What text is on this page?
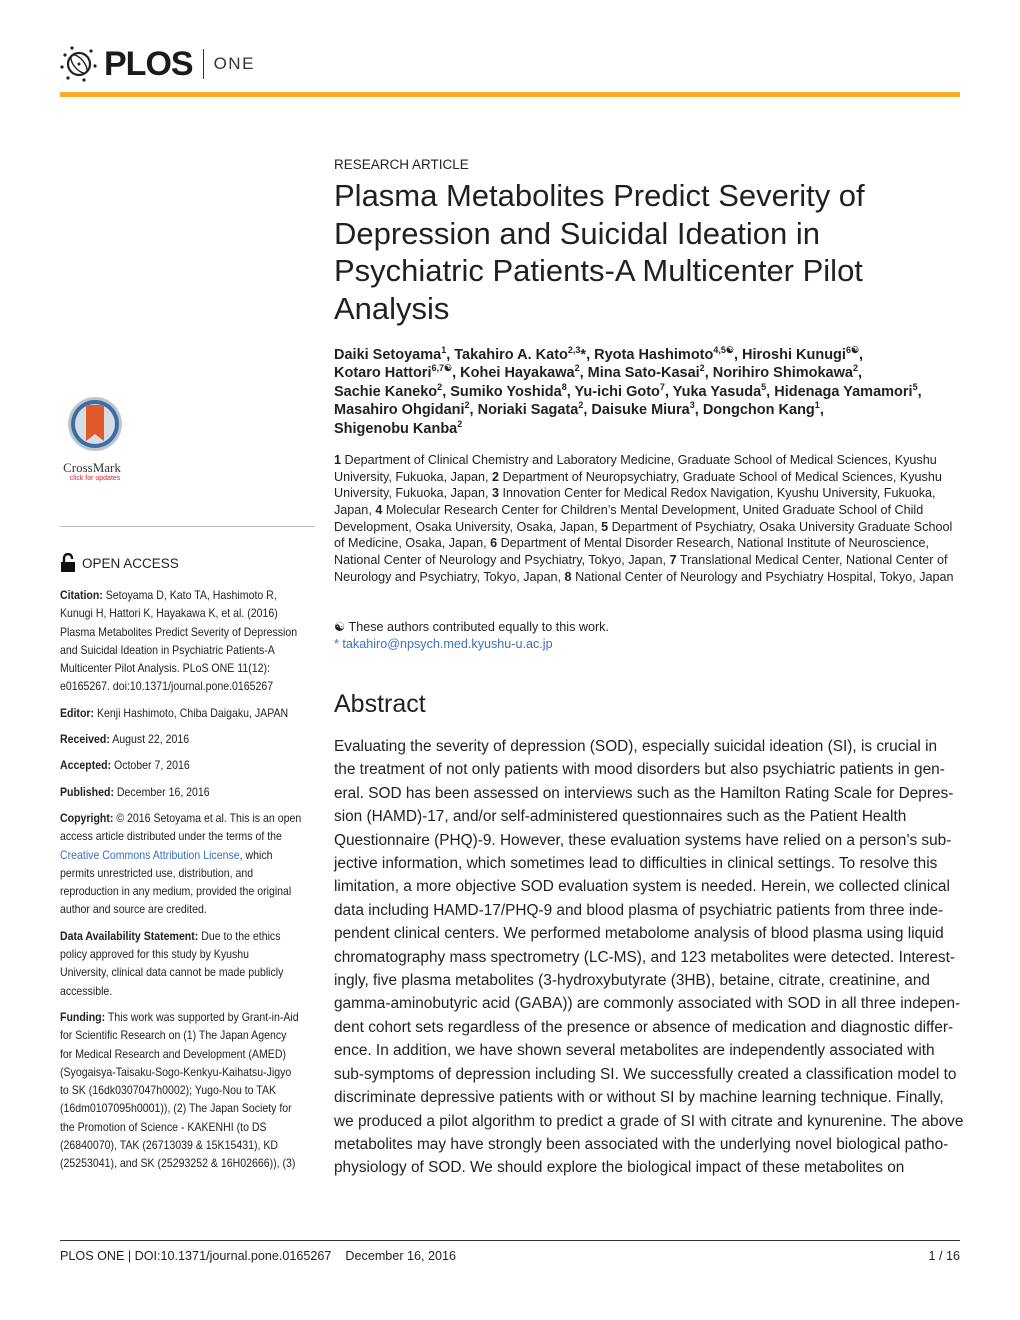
PLOS ONE
RESEARCH ARTICLE
Plasma Metabolites Predict Severity of
Depression and Suicidal Ideation in
Psychiatric Patients-A Multicenter Pilot
Analysis
Daiki Setoyama$^1$, Takahiro A. Kato$^{2,3}$*, Ryota Hashimoto$^{4,5☯}$, Hiroshi Kunugi$^{6☯}$,
Kotaro Hattori$^{6,7☯}$, Kohei Hayakawa$^2$, Mina Sato-Kasai$^2$, Norihiro Shimokawa$^2$,
Sachie Kaneko$^2$, Sumiko Yoshida$^8$, Yu-ichi Goto$^7$, Yuka Yasuda$^5$, Hidenaga Yamamori$^5$,
Masahiro Ohgidani$^2$, Noriaki Sagata$^2$, Daisuke Miura$^3$, Dongchon Kang$^1$,
Shigenobu Kanba$^2$
1 Department of Clinical Chemistry and Laboratory Medicine, Graduate School of Medical Sciences, Kyushu University, Fukuoka, Japan, 2 Department of Neuropsychiatry, Graduate School of Medical Sciences, Kyushu University, Fukuoka, Japan, 3 Innovation Center for Medical Redox Navigation, Kyushu University, Fukuoka, Japan, 4 Molecular Research Center for Children’s Mental Development, United Graduate School of Child Development, Osaka University, Osaka, Japan, 5 Department of Psychiatry, Osaka University Graduate School of Medicine, Osaka, Japan, 6 Department of Mental Disorder Research, National Institute of Neuroscience, National Center of Neurology and Psychiatry, Tokyo, Japan, 7 Translational Medical Center, National Center of Neurology and Psychiatry, Tokyo, Japan, 8 National Center of Neurology and Psychiatry Hospital, Tokyo, Japan
☯ These authors contributed equally to this work.
* takahiro@npsych.med.kyushu-u.ac.jp
Abstract
Evaluating the severity of depression (SOD), especially suicidal ideation (SI), is crucial in
the treatment of not only patients with mood disorders but also psychiatric patients in gen-
eral. SOD has been assessed on interviews such as the Hamilton Rating Scale for Depres-
sion (HAMD)-17, and/or self-administered questionnaires such as the Patient Health
Questionnaire (PHQ)-9. However, these evaluation systems have relied on a person’s sub-
jective information, which sometimes lead to difficulties in clinical settings. To resolve this
limitation, a more objective SOD evaluation system is needed. Herein, we collected clinical
data including HAMD-17/PHQ-9 and blood plasma of psychiatric patients from three inde-
pendent clinical centers. We performed metabolome analysis of blood plasma using liquid
chromatography mass spectrometry (LC-MS), and 123 metabolites were detected. Interest-
ingly, five plasma metabolites (3-hydroxybutyrate (3HB), betaine, citrate, creatinine, and
gamma-aminobutyric acid (GABA)) are commonly associated with SOD in all three indepen-
dent cohort sets regardless of the presence or absence of medication and diagnostic differ-
ence. In addition, we have shown several metabolites are independently associated with
sub-symptoms of depression including SI. We successfully created a classification model to
discriminate depressive patients with or without SI by machine learning technique. Finally,
we produced a pilot algorithm to predict a grade of SI with citrate and kynurenine. The above
metabolites may have strongly been associated with the underlying novel biological patho-
physiology of SOD. We should explore the biological impact of these metabolites on
CrossMark
click for updates
OPEN ACCESS
Citation: Setoyama D, Kato TA, Hashimoto R,
Kunugi H, Hattori K, Hayakawa K, et al. (2016)
Plasma Metabolites Predict Severity of Depression
and Suicidal Ideation in Psychiatric Patients-A
Multicenter Pilot Analysis. PLoS ONE 11(12):
e0165267. doi:10.1371/journal.pone.0165267
Editor: Kenji Hashimoto, Chiba Daigaku, JAPAN
Received: August 22, 2016
Accepted: October 7, 2016
Published: December 16, 2016
Copyright: © 2016 Setoyama et al. This is an open
access article distributed under the terms of the
Creative Commons Attribution License, which
permits unrestricted use, distribution, and
reproduction in any medium, provided the original
author and source are credited.
Data Availability Statement: Due to the ethics
policy approved for this study by Kyushu
University, clinical data cannot be made publicly
accessible.
Funding: This work was supported by Grant-in-Aid
for Scientific Research on (1) The Japan Agency
for Medical Research and Development (AMED)
(Syogaisya-Taisaku-Sogo-Kenkyu-Kaihatsu-Jigyo
to SK (16dk0307047h0002); Yugo-Nou to TAK
(16dm0107095h0001)), (2) The Japan Society for
the Promotion of Science - KAKENHI (to DS
(26840070), TAK (26713039 & 15K15431), KD
(25253041), and SK (25293252 & 16H02666)), (3)
PLOS ONE | DOI:10.1371/journal.pone.0165267 December 16, 2016	1 / 16
